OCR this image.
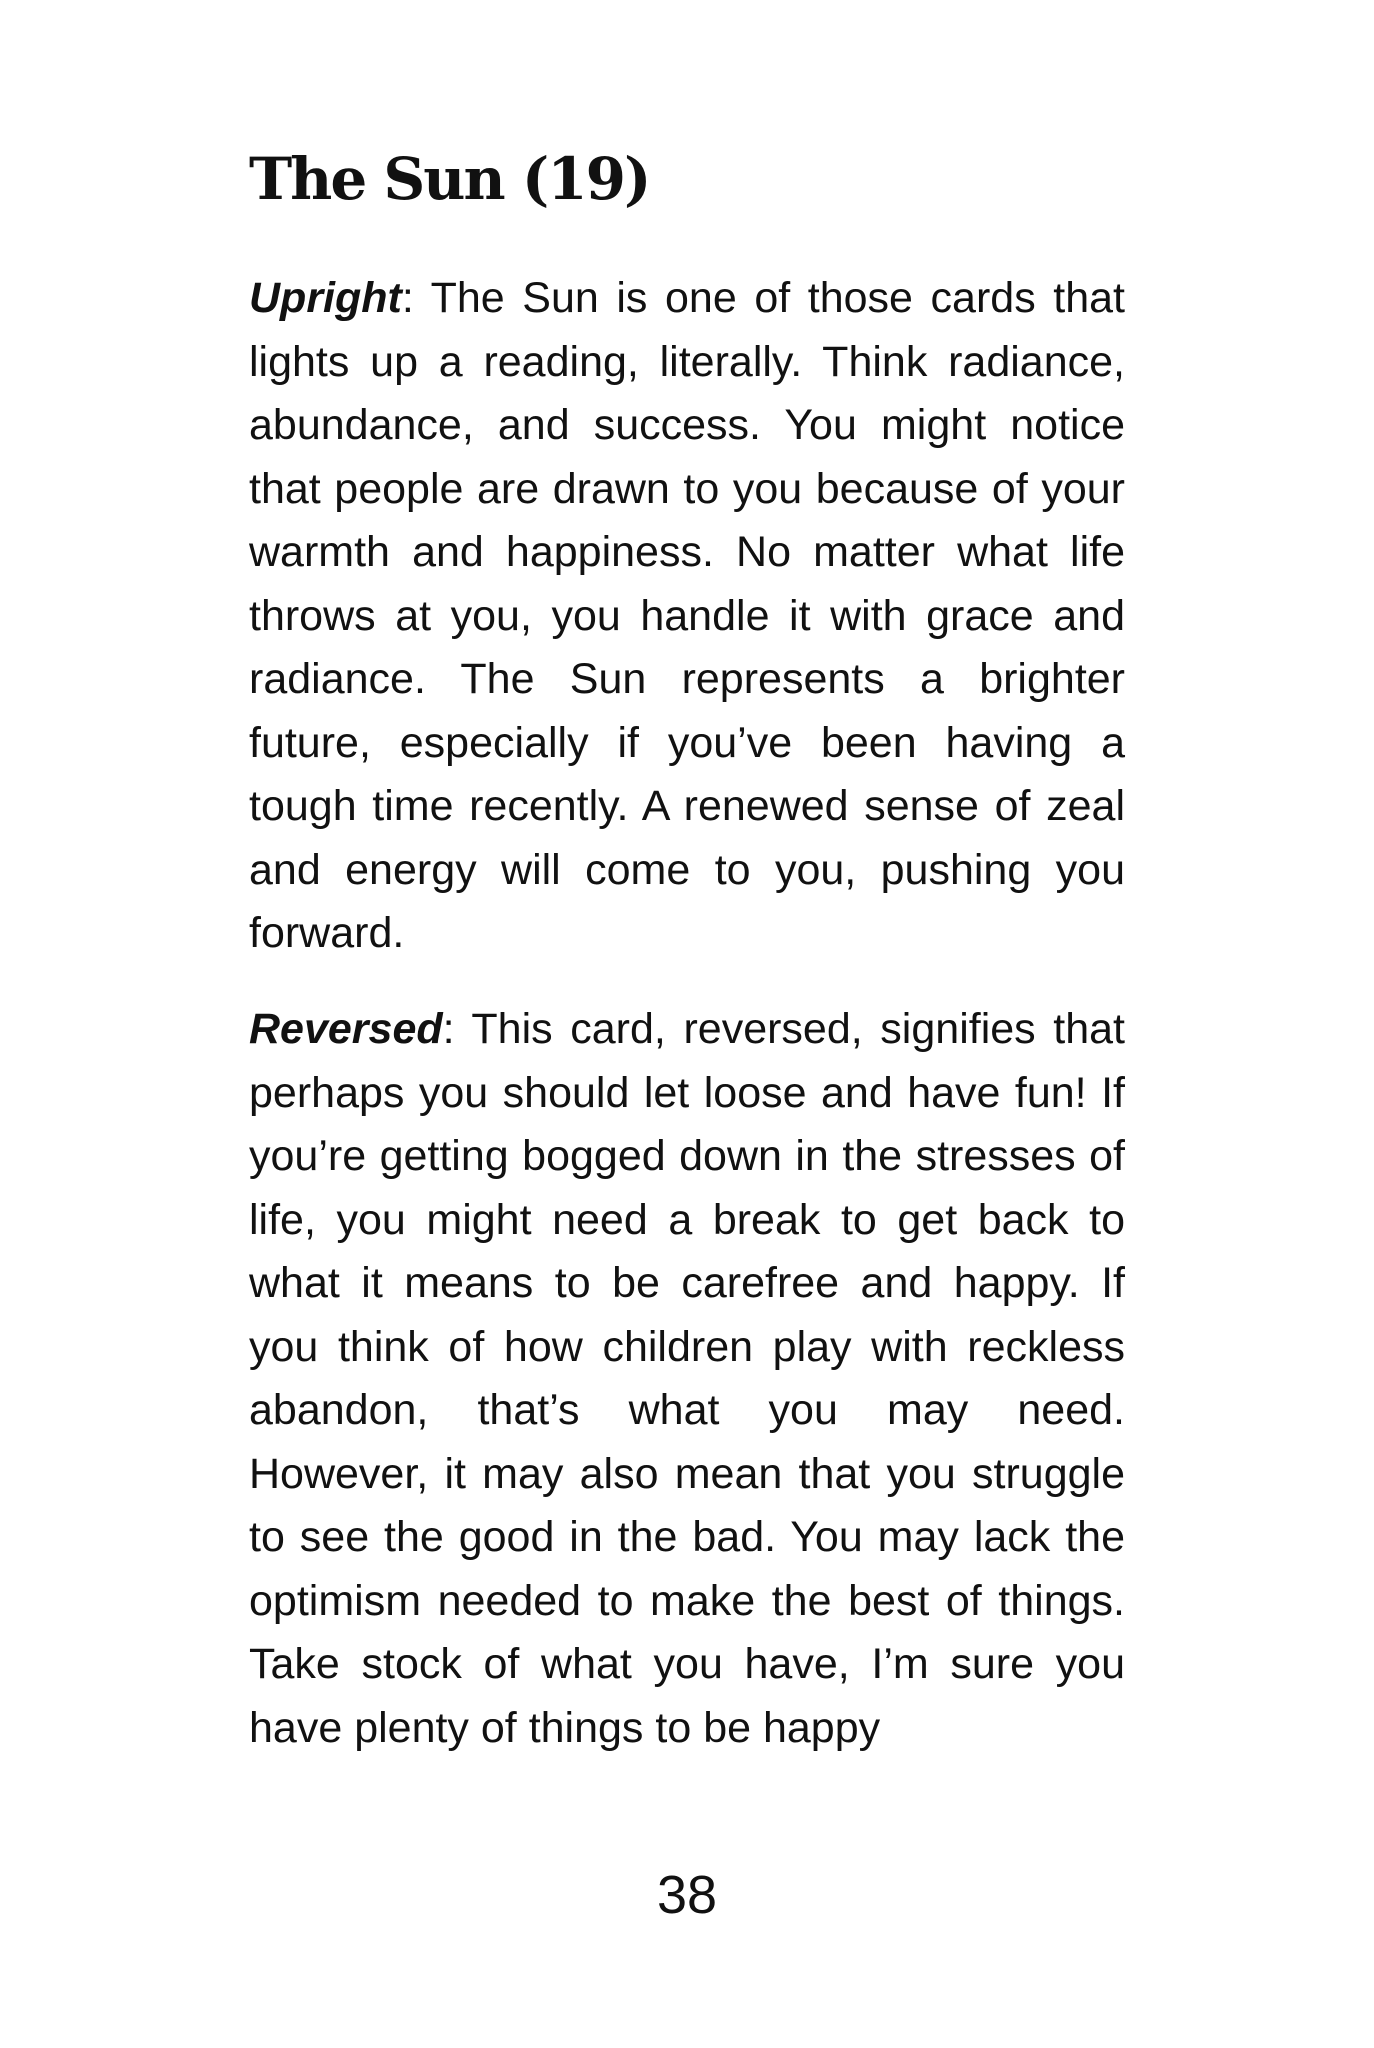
The Sun (19)

Upright: The Sun is one of those cards that lights up a reading, literally. Think radiance, abundance, and success. You might notice that people are drawn to you because of your warmth and happiness. No matter what life throws at you, you handle it with grace and radiance. The Sun represents a brighter future, especially if you’ve been having a tough time recently. A renewed sense of zeal and energy will come to you, pushing you forward.

Reversed: This card, reversed, signifies that perhaps you should let loose and have fun! If you’re getting bogged down in the stresses of life, you might need a break to get back to what it means to be carefree and happy. If you think of how children play with reckless abandon, that’s what you may need. However, it may also mean that you struggle to see the good in the bad. You may lack the optimism needed to make the best of things. Take stock of what you have, I’m sure you have plenty of things to be happy

38
